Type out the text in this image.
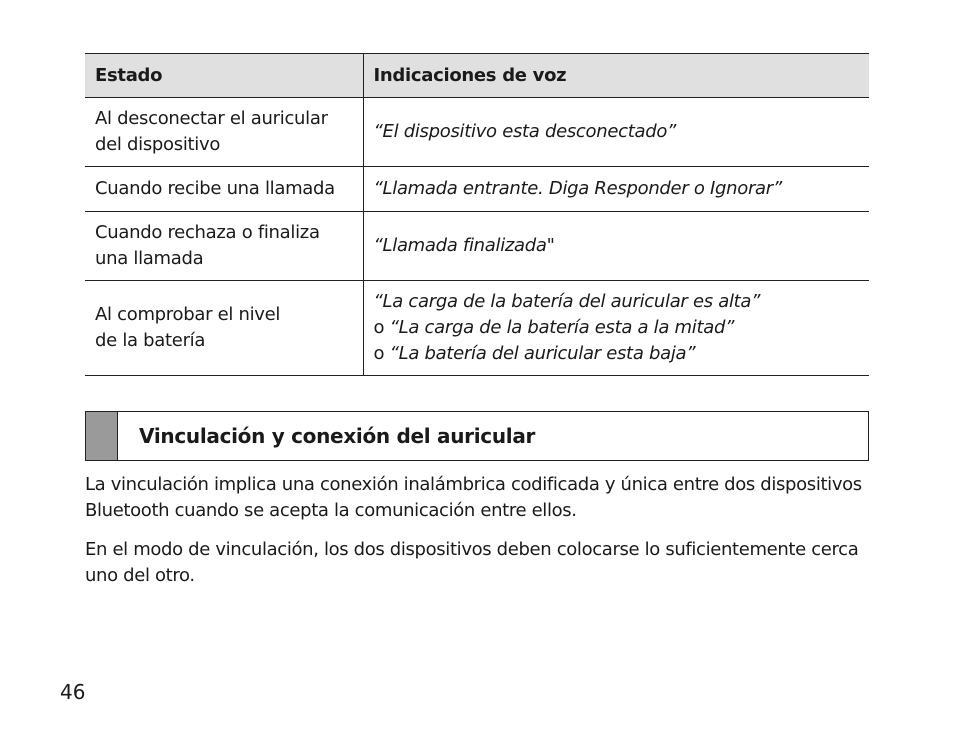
Estado	Indicaciones de voz

Al desconectar el auricular
del dispositivo	“El dispositivo esta desconectado”

Cuando recibe una llamada	“Llamada entrante. Diga Responder o Ignorar”

Cuando rechaza o finaliza
una llamada	“Llamada finalizada"

Al comprobar el nivel
de la batería	“La carga de la batería del auricular es alta”
o “La carga de la batería esta a la mitad”
o “La batería del auricular esta baja”
Vinculación y conexión del auricular

La vinculación implica una conexión inalámbrica codificada y única entre dos dispositivos Bluetooth cuando se acepta la comunicación entre ellos.

En el modo de vinculación, los dos dispositivos deben colocarse lo suficientemente cerca uno del otro.

46
